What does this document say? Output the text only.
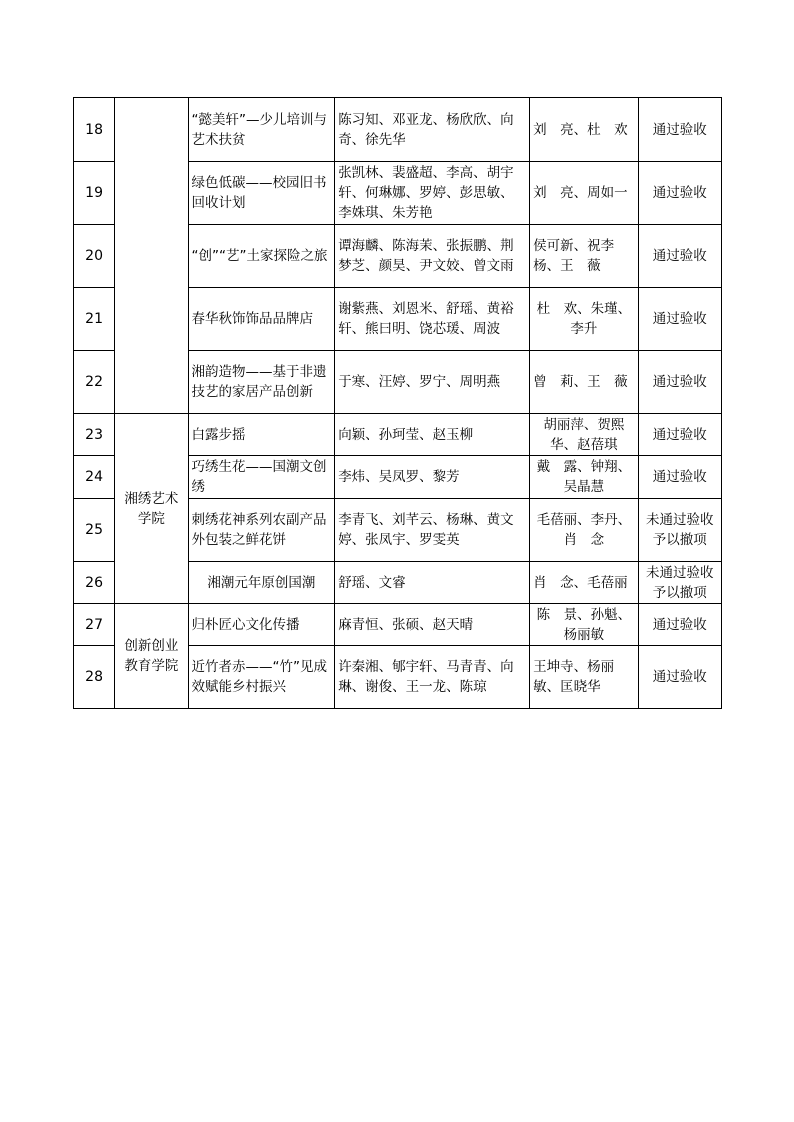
18		“懿美轩”—少儿培训与艺术扶贫	陈习知、邓亚龙、杨欣欣、向奇、徐先华	刘　亮、杜　欢	通过验收
19		绿色低碳——校园旧书回收计划	张凯林、裴盛超、李高、胡宇轩、何琳娜、罗婷、彭思敏、李姝琪、朱芳艳	刘　亮、周如一	通过验收
20		“创”“艺”土家探险之旅	谭海麟、陈海茉、张振鹏、荆梦芝、颜昊、尹文姣、曾文雨	侯可新、祝李杨、王　薇	通过验收
21		春华秋饰饰品品牌店	谢紫燕、刘恩米、舒瑶、黄裕轩、熊曰明、饶芯瑗、周波	杜　欢、朱瑾、李升	通过验收
22		湘韵造物——基于非遗技艺的家居产品创新	于寒、汪婷、罗宁、周明燕	曾　莉、王　薇	通过验收
23	湘绣艺术学院	白露步摇	向颖、孙珂莹、赵玉柳	胡丽萍、贺熙华、赵蓓琪	通过验收
24		巧绣生花——国潮文创绣	李炜、吴凤罗、黎芳	戴　露、钟翔、吴晶慧	通过验收
25		刺绣花神系列农副产品外包装之鲜花饼	李青飞、刘芊云、杨琳、黄文婷、张凤宇、罗雯英	毛蓓丽、李丹、肖　念	未通过验收予以撤项
26		湘潮元年原创国潮	舒瑶、文睿	肖　念、毛蓓丽	未通过验收予以撤项
27	创新创业教育学院	归朴匠心文化传播	麻青恒、张硕、赵天晴	陈　景、孙魁、杨丽敏	通过验收
28		近竹者赤——“竹”见成效赋能乡村振兴	许秦湘、郇宇轩、马青青、向琳、谢俊、王一龙、陈琼	王坤寺、杨丽敏、匡晓华	通过验收
